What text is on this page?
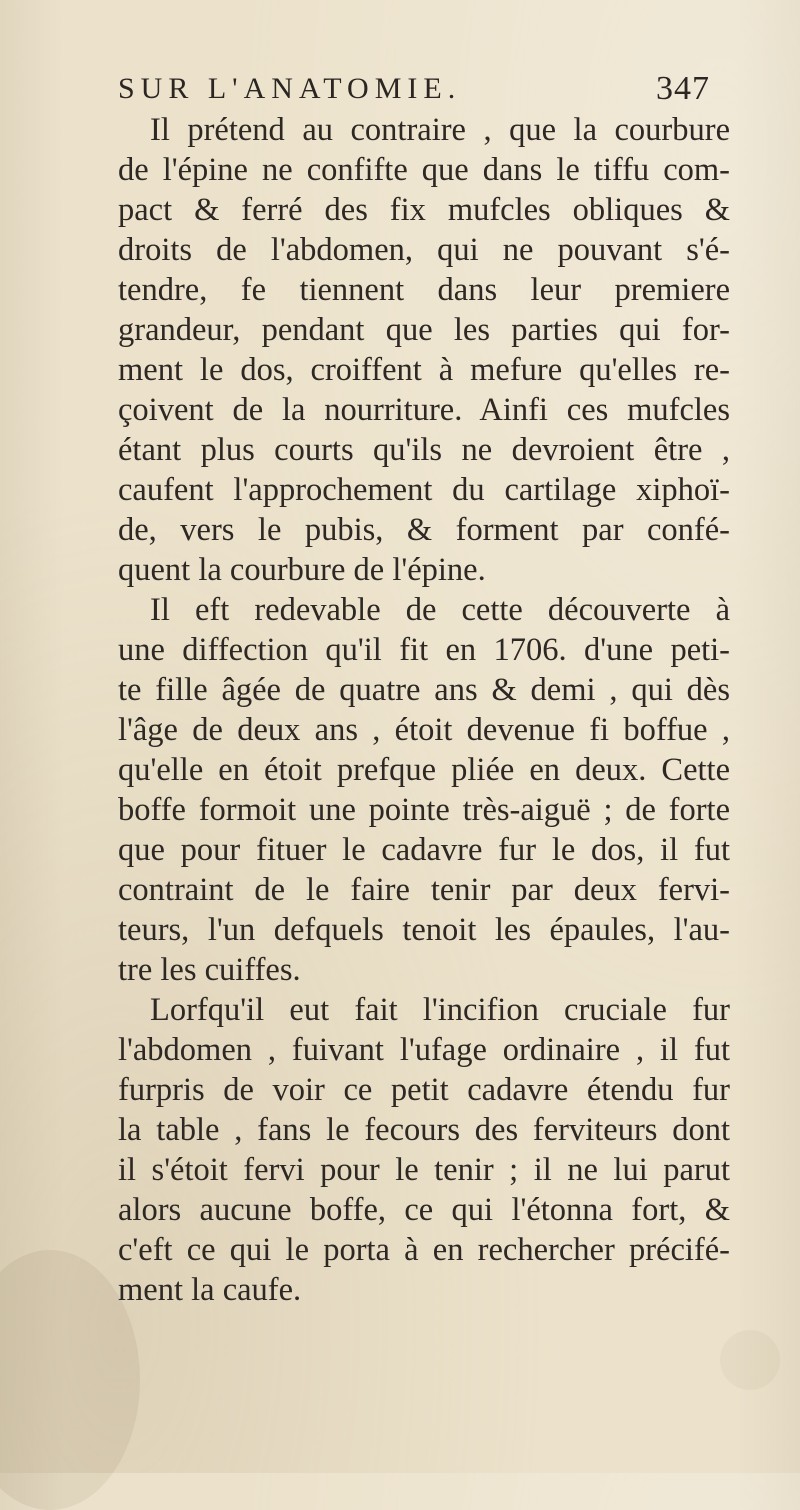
SUR L'ANATOMIE.	347
Il prétend au contraire , que la courbure
de l'épine ne confifte que dans le tiffu com-
pact & ferré des fix mufcles obliques &
droits de l'abdomen, qui ne pouvant s'é-
tendre, fe tiennent dans leur premiere
grandeur, pendant que les parties qui for-
ment le dos, croiffent à mefure qu'elles re-
çoivent de la nourriture. Ainfi ces mufcles
étant plus courts qu'ils ne devroient être ,
caufent l'approchement du cartilage xiphoï-
de, vers le pubis, & forment par confé-
quent la courbure de l'épine.
Il eft redevable de cette découverte à
une diffection qu'il fit en 1706. d'une peti-
te fille âgée de quatre ans & demi , qui dès
l'âge de deux ans , étoit devenue fi boffue ,
qu'elle en étoit prefque pliée en deux. Cette
boffe formoit une pointe très-aiguë ; de forte
que pour fituer le cadavre fur le dos, il fut
contraint de le faire tenir par deux fervi-
teurs, l'un defquels tenoit les épaules, l'au-
tre les cuiffes.
Lorfqu'il eut fait l'incifion cruciale fur
l'abdomen , fuivant l'ufage ordinaire , il fut
furpris de voir ce petit cadavre étendu fur
la table , fans le fecours des ferviteurs dont
il s'étoit fervi pour le tenir ; il ne lui parut
alors aucune boffe, ce qui l'étonna fort, &
c'eft ce qui le porta à en rechercher précifé-
ment la caufe.
